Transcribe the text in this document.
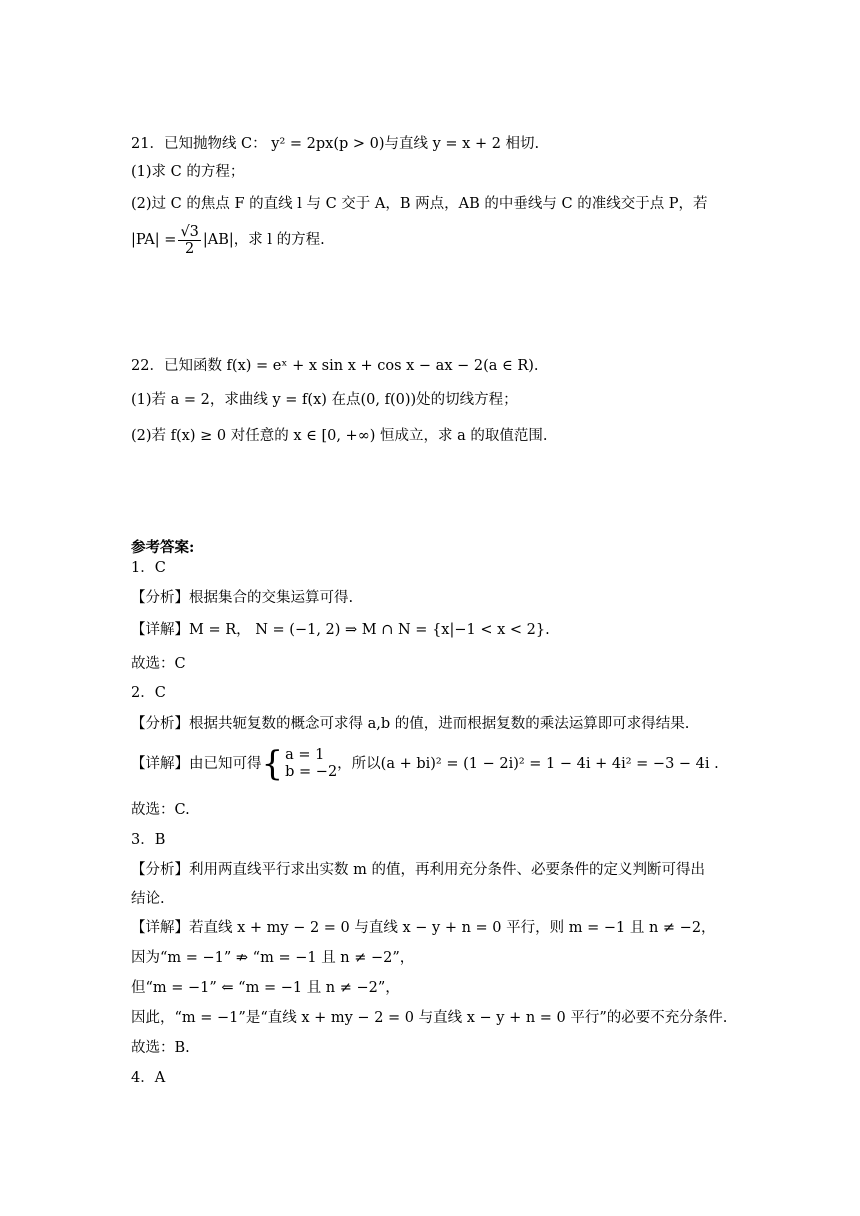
21．已知抛物线 C： y² = 2px(p > 0)与直线 y = x + 2 相切.
(1)求 C 的方程；
(2)过 C 的焦点 F 的直线 l 与 C 交于 A，B 两点，AB 的中垂线与 C 的准线交于点 P，若
$|PA| = \frac{√3}{2} |AB|$，求 l 的方程.
22．已知函数 f(x) = eˣ + x sin x + cos x − ax − 2(a ∈ R).
(1)若 a = 2，求曲线 y = f(x) 在点(0, f(0))处的切线方程；
(2)若 f(x) ≥ 0 对任意的 x ∈ [0, +∞) 恒成立，求 a 的取值范围.
参考答案:
1．C
【分析】根据集合的交集运算可得.
【详解】M = R， N = (−1, 2) ⇒ M ∩ N = {x|−1 < x < 2}.
故选：C
2．C
【分析】根据共轭复数的概念可求得 a,b 的值，进而根据复数的乘法运算即可求得结果.
【详解】由已知可得 { a = 1
b = −2 ，所以(a + bi)² = (1 − 2i)² = 1 − 4i + 4i² = −3 − 4i .
故选：C.
3．B
【分析】利用两直线平行求出实数 m 的值，再利用充分条件、必要条件的定义判断可得出
结论.
【详解】若直线 x + my − 2 = 0 与直线 x − y + n = 0 平行，则 m = −1 且 n ≠ −2，
因为“m = −1” ⇏ “m = −1 且 n ≠ −2”，
但“m = −1” ⇐ “m = −1 且 n ≠ −2”，
因此，“m = −1”是“直线 x + my − 2 = 0 与直线 x − y + n = 0 平行”的必要不充分条件.
故选：B.
4．A
